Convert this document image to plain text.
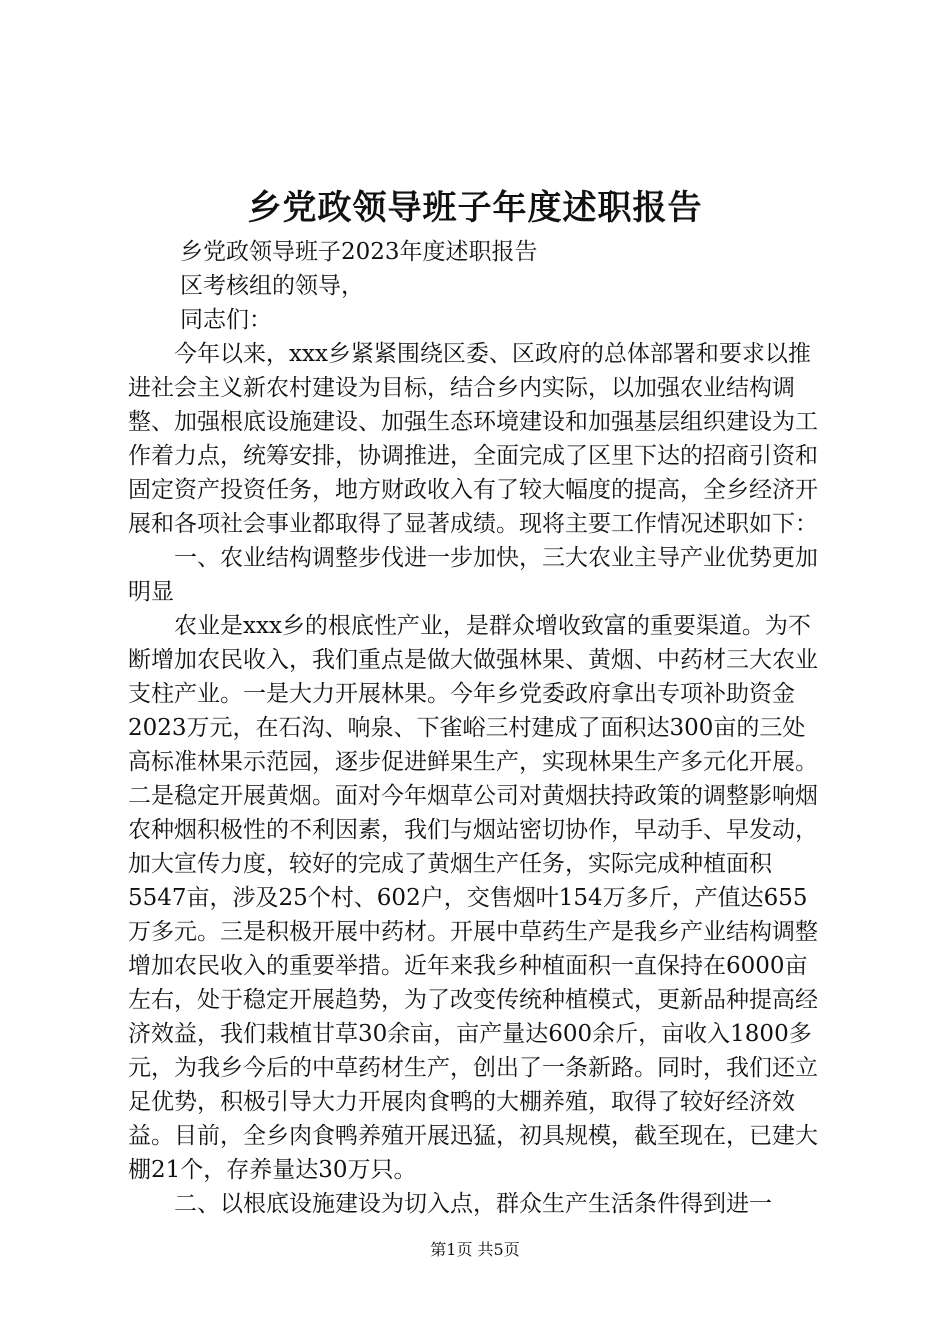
乡党政领导班子年度述职报告

乡党政领导班子2023年度述职报告

区考核组的领导，

同志们：

今年以来，xxx乡紧紧围绕区委、区政府的总体部署和要求以推进社会主义新农村建设为目标，结合乡内实际，以加强农业结构调整、加强根底设施建设、加强生态环境建设和加强基层组织建设为工作着力点，统筹安排，协调推进，全面完成了区里下达的招商引资和固定资产投资任务，地方财政收入有了较大幅度的提高，全乡经济开展和各项社会事业都取得了显著成绩。现将主要工作情况述职如下：

一、农业结构调整步伐进一步加快，三大农业主导产业优势更加明显

农业是xxx乡的根底性产业，是群众增收致富的重要渠道。为不断增加农民收入，我们重点是做大做强林果、黄烟、中药材三大农业支柱产业。一是大力开展林果。今年乡党委政府拿出专项补助资金2023万元，在石沟、响泉、下雀峪三村建成了面积达300亩的三处高标准林果示范园，逐步促进鲜果生产，实现林果生产多元化开展。二是稳定开展黄烟。面对今年烟草公司对黄烟扶持政策的调整影响烟农种烟积极性的不利因素，我们与烟站密切协作，早动手、早发动，加大宣传力度，较好的完成了黄烟生产任务，实际完成种植面积5547亩，涉及25个村、602户，交售烟叶154万多斤，产值达655万多元。三是积极开展中药材。开展中草药生产是我乡产业结构调整增加农民收入的重要举措。近年来我乡种植面积一直保持在6000亩左右，处于稳定开展趋势，为了改变传统种植模式，更新品种提高经济效益，我们栽植甘草30余亩，亩产量达600余斤，亩收入1800多元，为我乡今后的中草药材生产，创出了一条新路。同时，我们还立足优势，积极引导大力开展肉食鸭的大棚养殖，取得了较好经济效益。目前，全乡肉食鸭养殖开展迅猛，初具规模，截至现在，已建大棚21个，存养量达30万只。

二、以根底设施建设为切入点，群众生产生活条件得到进一

第1页 共5页
